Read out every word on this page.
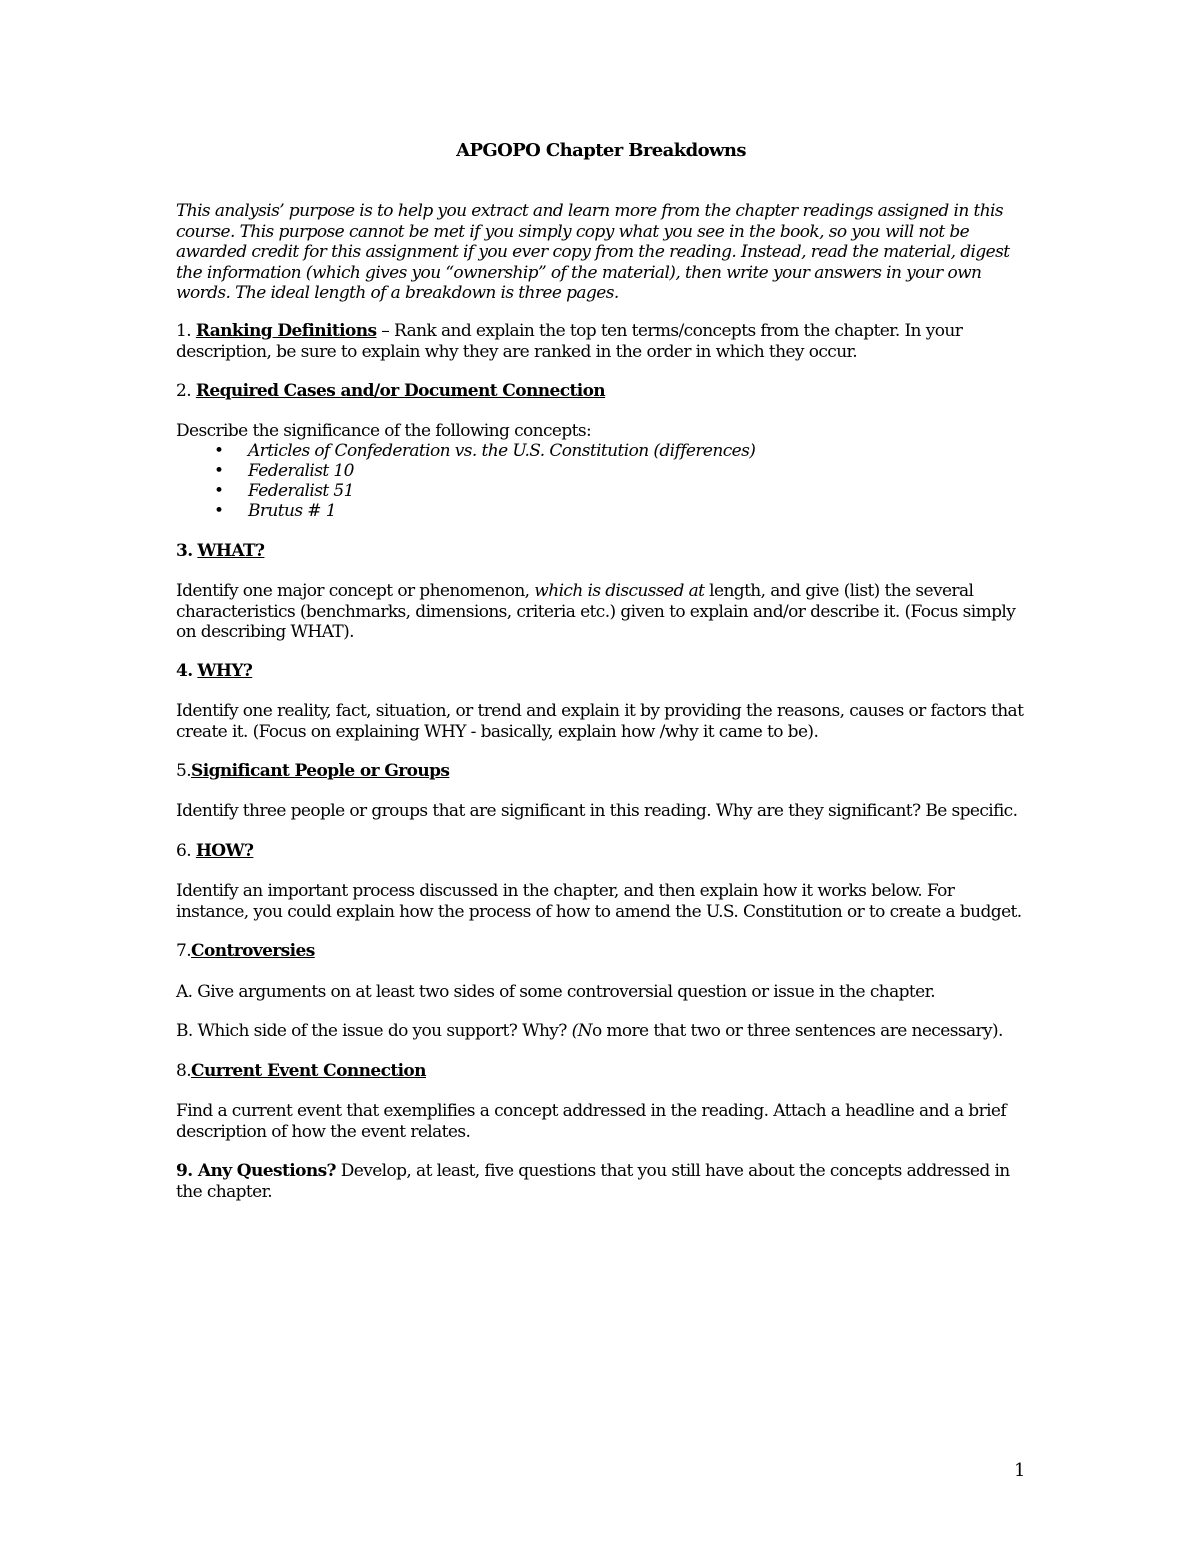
APGOPO Chapter Breakdowns
This analysis’ purpose is to help you extract and learn more from the chapter readings assigned in this course. This purpose cannot be met if you simply copy what you see in the book, so you will not be awarded credit for this assignment if you ever copy from the reading. Instead, read the material, digest the information (which gives you “ownership” of the material), then write your answers in your own words. The ideal length of a breakdown is three pages.
1. Ranking Definitions – Rank and explain the top ten terms/concepts from the chapter. In your description, be sure to explain why they are ranked in the order in which they occur.
2. Required Cases and/or Document Connection
Describe the significance of the following concepts:
• Articles of Confederation vs. the U.S. Constitution (differences)
• Federalist 10
• Federalist 51
• Brutus # 1
3. WHAT?
Identify one major concept or phenomenon, which is discussed at length, and give (list) the several characteristics (benchmarks, dimensions, criteria etc.) given to explain and/or describe it. (Focus simply on describing WHAT).
4. WHY?
Identify one reality, fact, situation, or trend and explain it by providing the reasons, causes or factors that create it. (Focus on explaining WHY - basically, explain how /why it came to be).
5.Significant People or Groups
Identify three people or groups that are significant in this reading. Why are they significant? Be specific.
6. HOW?
Identify an important process discussed in the chapter, and then explain how it works below. For instance, you could explain how the process of how to amend the U.S. Constitution or to create a budget.
7.Controversies
A. Give arguments on at least two sides of some controversial question or issue in the chapter.
B. Which side of the issue do you support? Why? (No more that two or three sentences are necessary).
8.Current Event Connection
Find a current event that exemplifies a concept addressed in the reading. Attach a headline and a brief description of how the event relates.
9. Any Questions? Develop, at least, five questions that you still have about the concepts addressed in the chapter.
1
